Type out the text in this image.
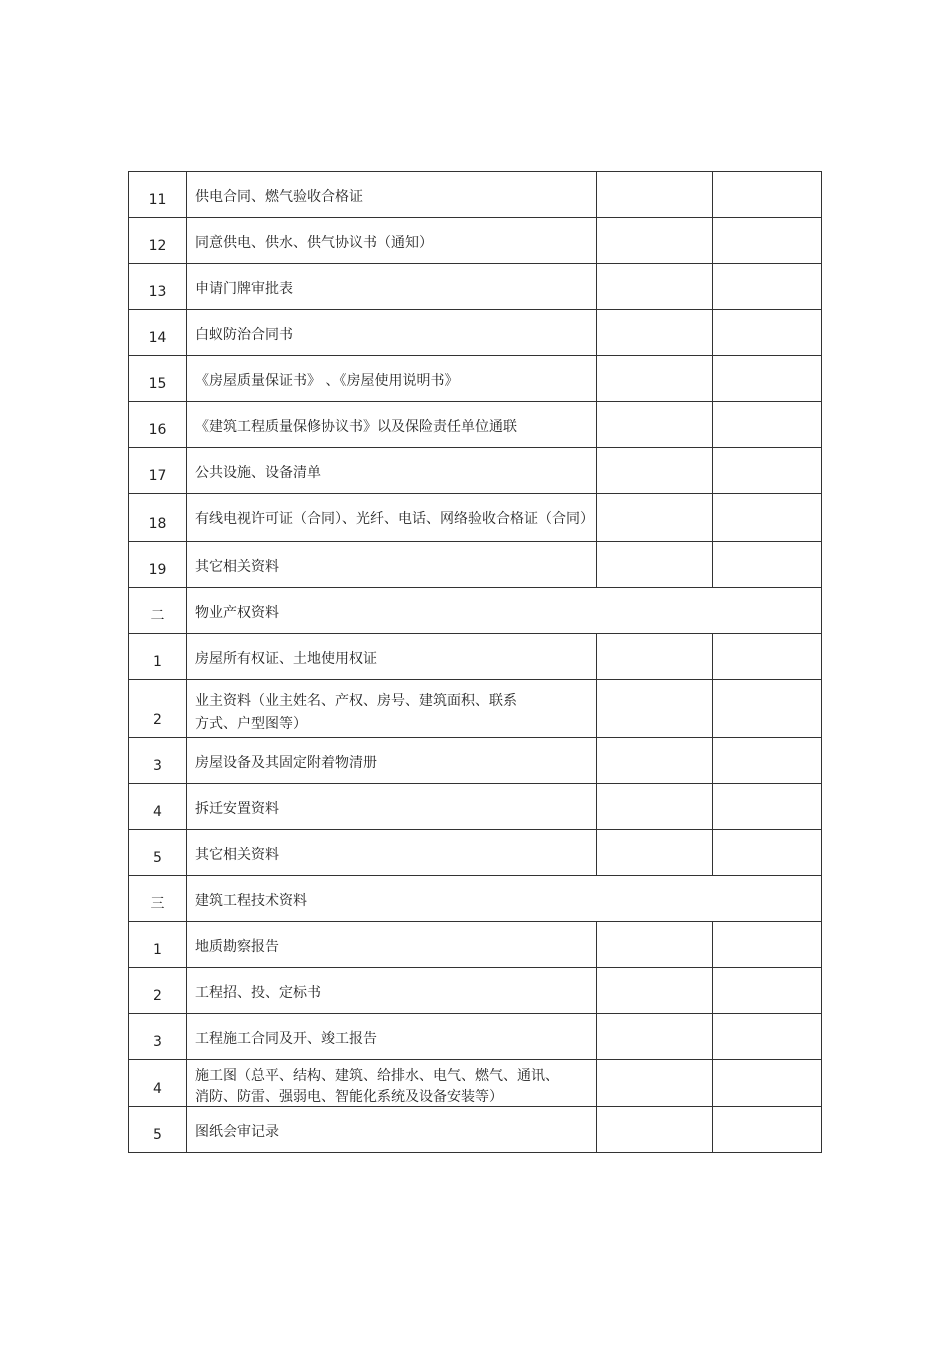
11	供电合同、燃气验收合格证		
12	同意供电、供水、供气协议书（通知）		
13	申请门牌审批表		
14	白蚁防治合同书		
15	《房屋质量保证书》 、《房屋使用说明书》		
16	《建筑工程质量保修协议书》以及保险责任单位通联		
17	公共设施、设备清单		
18	有线电视许可证（合同）、光纤、电话、网络验收合格证（合同）		
19	其它相关资料		
二	物业产权资料		
1	房屋所有权证、土地使用权证		
2	业主资料（业主姓名、产权、房号、建筑面积、联系
方式、户型图等）		

3	房屋设备及其固定附着物清册		
4	拆迁安置资料		
5	其它相关资料		
三	建筑工程技术资料		
1	地质勘察报告		
2	工程招、投、定标书		
3	工程施工合同及开、竣工报告		
4	施工图（总平、结构、建筑、给排水、电气、燃气、通讯、
消防、防雷、强弱电、智能化系统及设备安装等）		

5	图纸会审记录		
